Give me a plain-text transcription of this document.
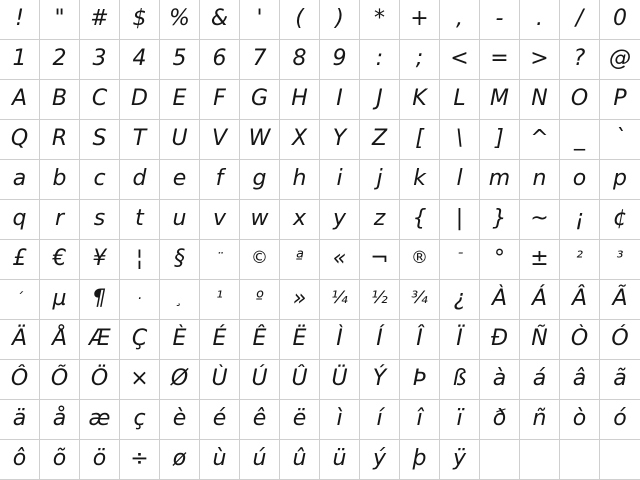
! " # $ % & ' ( ) * + , - . / 0
1 2 3 4 5 6 7 8 9 : ; < = > ? @
A B C D E F G H I J K L M N O P
Q R S T U V W X Y Z [ \ ] ^ _ `
a b c d e f g h i j k l m n o p
q r s t u v w x y z { | } ~ ¡ ¢
£ € ¥ ¦ § ¨ © ª « ¬ ® ¯ ° ± ² ³
´ µ ¶ · ¸ ¹ º » ¼ ½ ¾ ¿ À Á Â Ã
Ä Å Æ Ç È É Ê Ë Ì Í Î Ï Ð Ñ Ò Ó
Ô Õ Ö × Ø Ù Ú Û Ü Ý Þ ß à á â ã
ä å æ ç è é ê ë ì í î ï ð ñ ò ó
ô õ ö ÷ ø ù ú û ü ý þ ÿ
